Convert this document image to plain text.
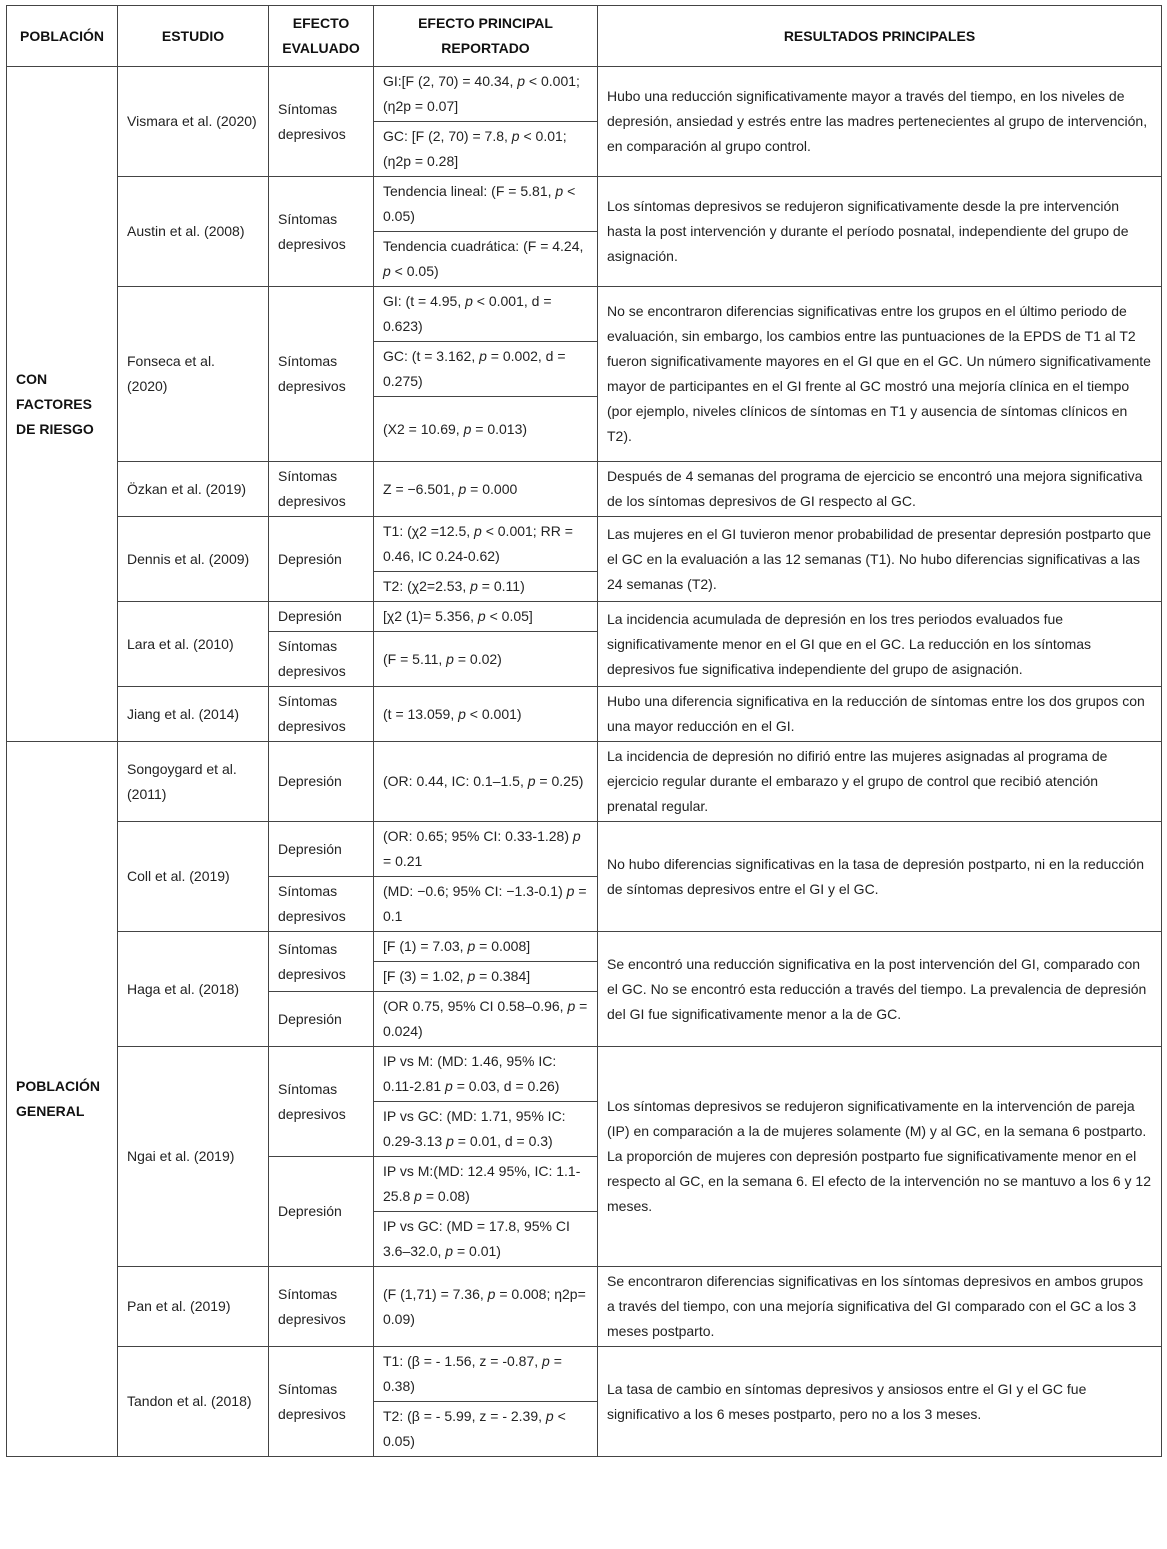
POBLACIÓN	ESTUDIO	EFECTO EVALUADO	EFECTO PRINCIPAL REPORTADO	RESULTADOS PRINCIPALES
CON FACTORES DE RIESGO	Vismara et al. (2020)	Síntomas depresivos	GI:[F (2, 70) = 40.34, p < 0.001; (η2p = 0.07]	Hubo una reducción significativamente mayor a través del tiempo, en los niveles de depresión, ansiedad y estrés entre las madres pertenecientes al grupo de intervención, en comparación al grupo control.
			GC: [F (2, 70) = 7.8, p < 0.01; (η2p = 0.28]	
	Austin et al. (2008)	Síntomas depresivos	Tendencia lineal: (F = 5.81, p < 0.05)	Los síntomas depresivos se redujeron significativamente desde la pre intervención hasta la post intervención y durante el período posnatal, independiente del grupo de asignación.
			Tendencia cuadrática: (F = 4.24, p < 0.05)	
	Fonseca et al. (2020)	Síntomas depresivos	GI: (t = 4.95, p < 0.001, d = 0.623)	No se encontraron diferencias significativas entre los grupos en el último periodo de evaluación, sin embargo, los cambios entre las puntuaciones de la EPDS de T1 al T2 fueron significativamente mayores en el GI que en el GC. Un número significativamente mayor de participantes en el GI frente al GC mostró una mejoría clínica en el tiempo (por ejemplo, niveles clínicos de síntomas en T1 y ausencia de síntomas clínicos en T2).
			GC: (t = 3.162, p = 0.002, d = 0.275)	
			(X2 = 10.69, p = 0.013)	
	Özkan et al. (2019)	Síntomas depresivos	Z = −6.501, p = 0.000	Después de 4 semanas del programa de ejercicio se encontró una mejora significativa de los síntomas depresivos de GI respecto al GC.
	Dennis et al. (2009)	Depresión	T1: (χ2 =12.5, p < 0.001; RR = 0.46, IC 0.24-0.62)	Las mujeres en el GI tuvieron menor probabilidad de presentar depresión postparto que el GC en la evaluación a las 12 semanas (T1). No hubo diferencias significativas a las 24 semanas (T2).
			T2: (χ2=2.53, p = 0.11)	
	Lara et al. (2010)	Depresión	[χ2 (1)= 5.356, p < 0.05]	La incidencia acumulada de depresión en los tres periodos evaluados fue significativamente menor en el GI que en el GC. La reducción en los síntomas depresivos fue significativa independiente del grupo de asignación.
		Síntomas depresivos	(F = 5.11, p = 0.02)	
	Jiang et al. (2014)	Síntomas depresivos	(t = 13.059, p < 0.001)	Hubo una diferencia significativa en la reducción de síntomas entre los dos grupos con una mayor reducción en el GI.
POBLACIÓN GENERAL	Songoygard et al. (2011)	Depresión	(OR: 0.44, IC: 0.1–1.5, p = 0.25)	La incidencia de depresión no difirió entre las mujeres asignadas al programa de ejercicio regular durante el embarazo y el grupo de control que recibió atención prenatal regular.
	Coll et al. (2019)	Depresión	(OR: 0.65; 95% CI: 0.33-1.28) p = 0.21	No hubo diferencias significativas en la tasa de depresión postparto, ni en la reducción de síntomas depresivos entre el GI y el GC.
		Síntomas depresivos	(MD: −0.6; 95% CI: −1.3-0.1) p = 0.1	
	Haga et al. (2018)	Síntomas depresivos	[F (1) = 7.03, p = 0.008]	Se encontró una reducción significativa en la post intervención del GI, comparado con el GC. No se encontró esta reducción a través del tiempo. La prevalencia de depresión del GI fue significativamente menor a la de GC.
			[F (3) = 1.02, p = 0.384]	
		Depresión	(OR 0.75, 95% CI 0.58–0.96, p = 0.024)	
	Ngai et al. (2019)	Síntomas depresivos	IP vs M: (MD: 1.46, 95% IC: 0.11-2.81 p = 0.03, d = 0.26)	Los síntomas depresivos se redujeron significativamente en la intervención de pareja (IP) en comparación a la de mujeres solamente (M) y al GC, en la semana 6 postparto. La proporción de mujeres con depresión postparto fue significativamente menor en el respecto al GC, en la semana 6. El efecto de la intervención no se mantuvo a los 6 y 12 meses.
			IP vs GC: (MD: 1.71, 95% IC: 0.29-3.13 p = 0.01, d = 0.3)	
		Depresión	IP vs M:(MD: 12.4 95%, IC: 1.1-25.8 p = 0.08)	
			IP vs GC: (MD = 17.8, 95% CI 3.6–32.0, p = 0.01)	
	Pan et al. (2019)	Síntomas depresivos	(F (1,71) = 7.36, p = 0.008; η2p= 0.09)	Se encontraron diferencias significativas en los síntomas depresivos en ambos grupos a través del tiempo, con una mejoría significativa del GI comparado con el GC a los 3 meses postparto.
	Tandon et al. (2018)	Síntomas depresivos	T1: (β = - 1.56, z = -0.87, p = 0.38)	La tasa de cambio en síntomas depresivos y ansiosos entre el GI y el GC fue significativo a los 6 meses postparto, pero no a los 3 meses.
			T2: (β = - 5.99, z = - 2.39, p < 0.05)	
